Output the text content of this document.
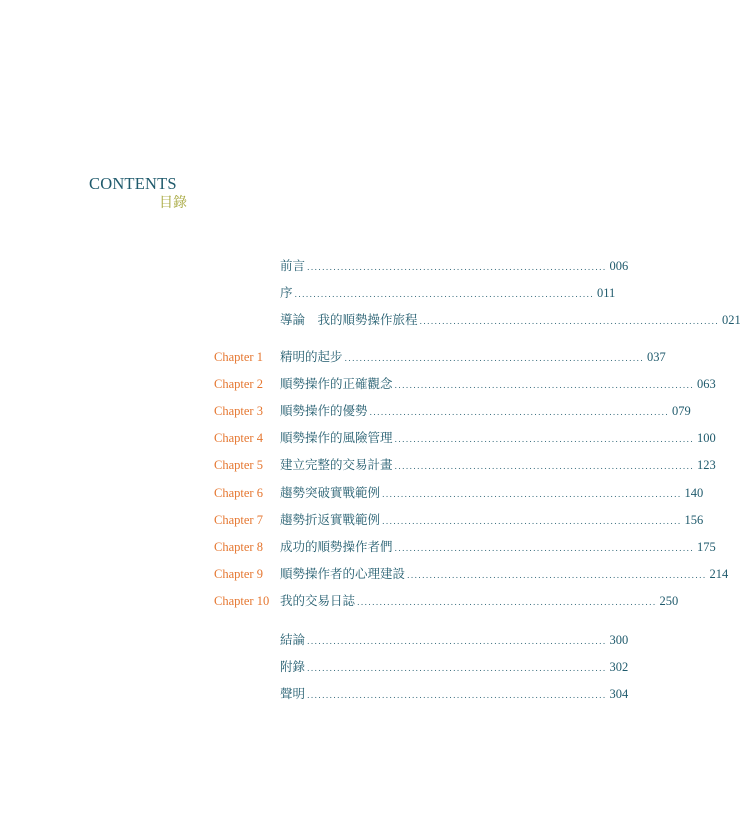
CONTENTS
目錄
前言 ................................................................................ 006
序 ................................................................................ 011
導論　我的順勢操作旅程 ................................................................................ 021
Chapter 1 精明的起步 ................................................................................ 037
Chapter 2 順勢操作的正確觀念 ................................................................................ 063
Chapter 3 順勢操作的優勢 ................................................................................ 079
Chapter 4 順勢操作的風險管理 ................................................................................ 100
Chapter 5 建立完整的交易計畫 ................................................................................ 123
Chapter 6 趨勢突破實戰範例 ................................................................................ 140
Chapter 7 趨勢折返實戰範例 ................................................................................ 156
Chapter 8 成功的順勢操作者們 ................................................................................ 175
Chapter 9 順勢操作者的心理建設 ................................................................................ 214
Chapter 10 我的交易日誌 ................................................................................ 250
結論 ................................................................................ 300
附錄 ................................................................................ 302
聲明 ................................................................................ 304
